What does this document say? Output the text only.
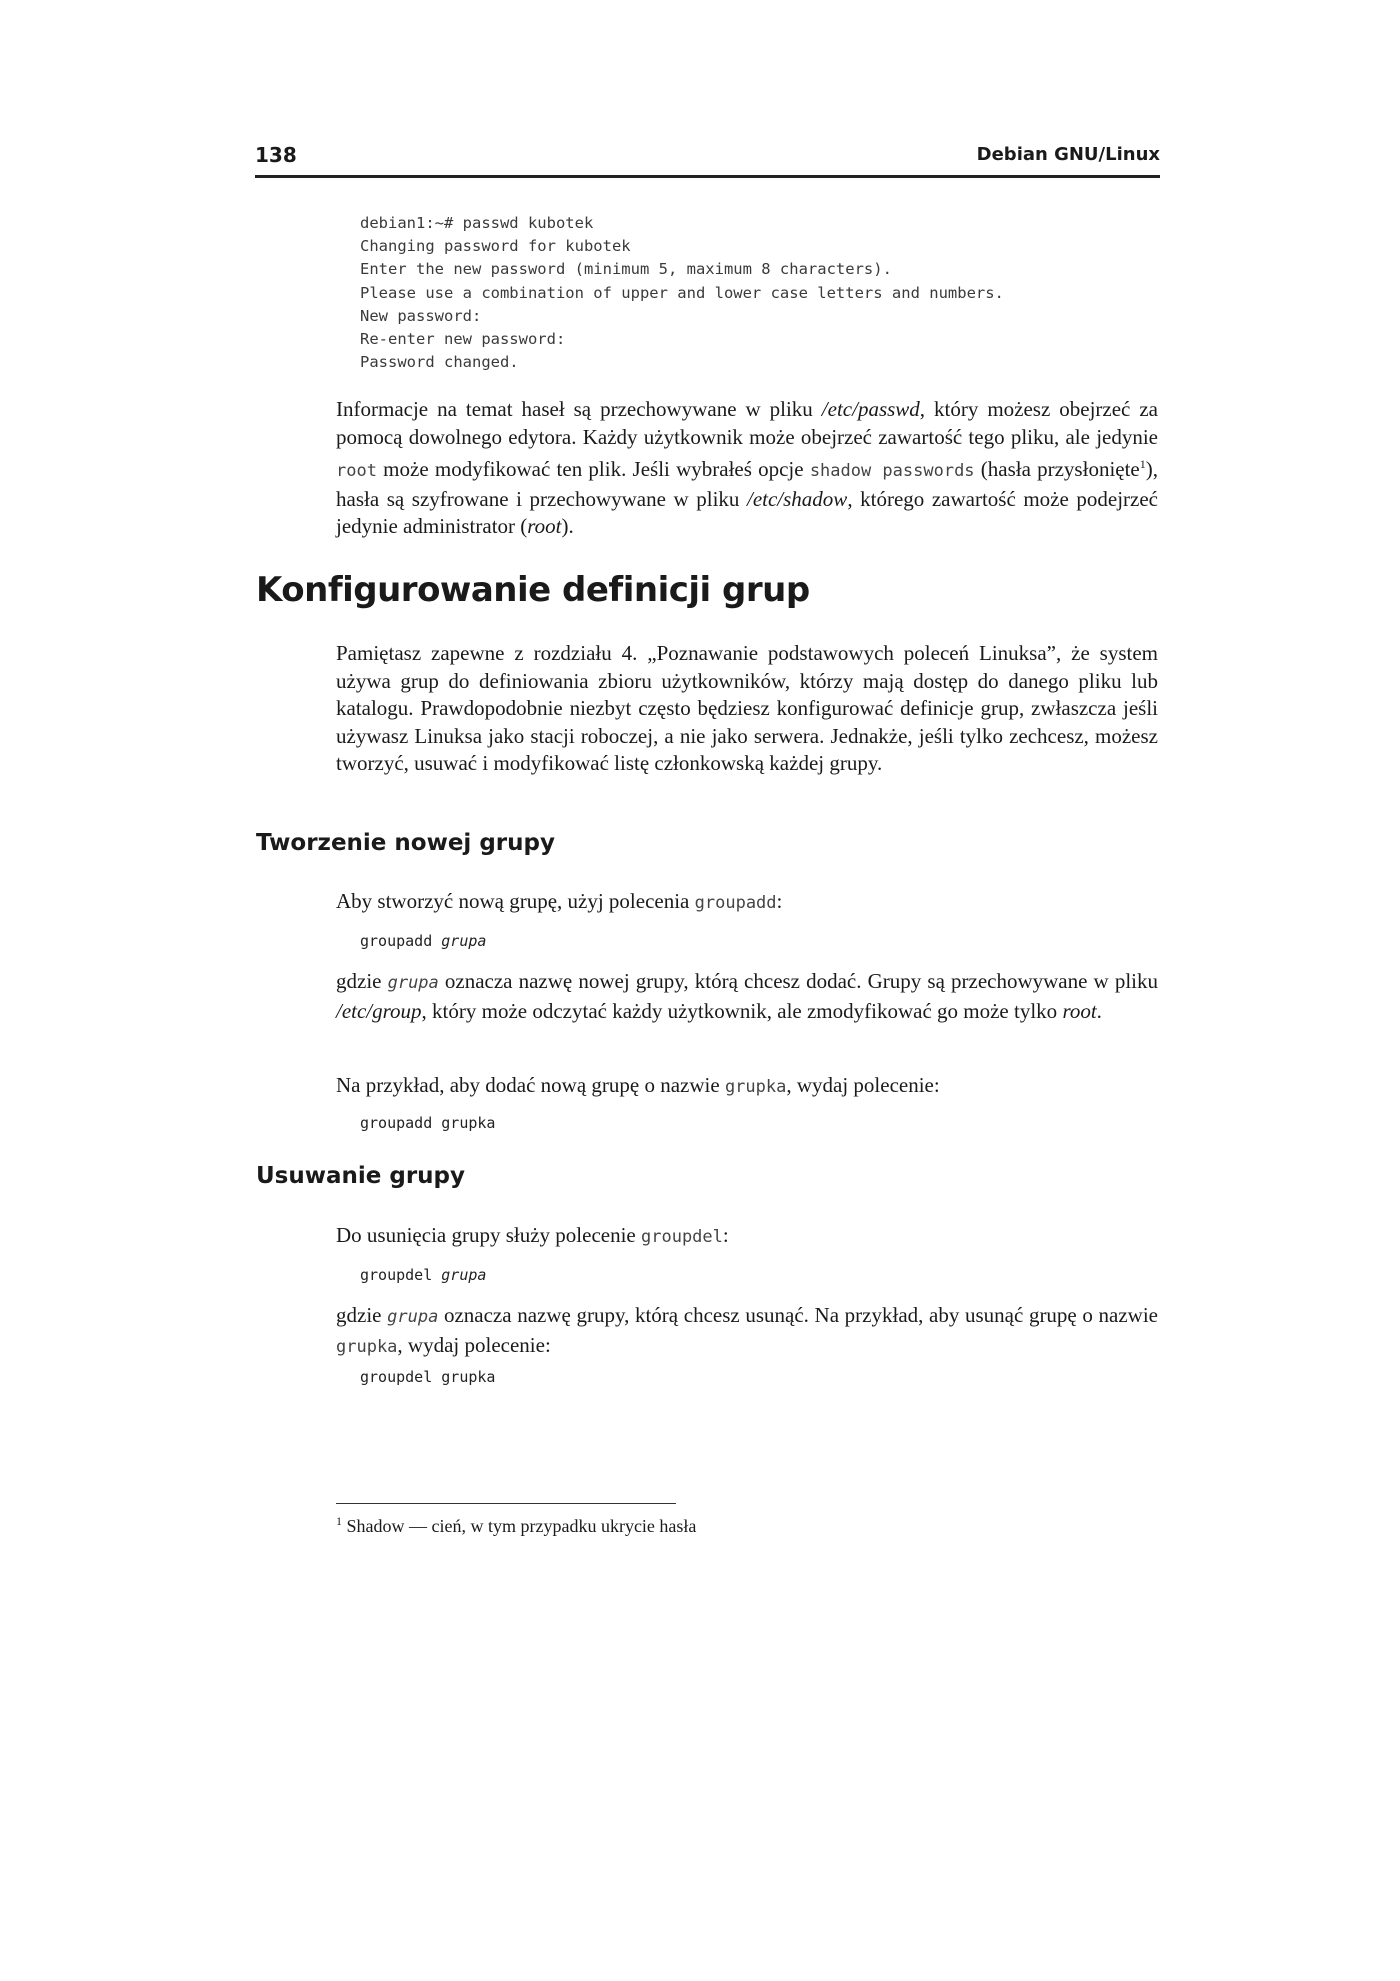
138	Debian GNU/Linux
debian1:~# passwd kubotek
Changing password for kubotek
Enter the new password (minimum 5, maximum 8 characters).
Please use a combination of upper and lower case letters and numbers.
New password:
Re-enter new password:
Password changed.

Informacje na temat haseł są przechowywane w pliku /etc/passwd, który możesz obejrzeć za pomocą dowolnego edytora. Każdy użytkownik może obejrzeć zawartość tego pliku, ale jedynie root może modyfikować ten plik. Jeśli wybrałeś opcje shadow passwords (hasła przysłonięte$^1$), hasła są szyfrowane i przechowywane w pliku /etc/shadow, którego zawartość może podejrzeć jedynie administrator (root).

Konfigurowanie definicji grup

Pamiętasz zapewne z rozdziału 4. „Poznawanie podstawowych poleceń Linuksa”, że system używa grup do definiowania zbioru użytkowników, którzy mają dostęp do danego pliku lub katalogu. Prawdopodobnie niezbyt często będziesz konfigurować definicje grup, zwłaszcza jeśli używasz Linuksa jako stacji roboczej, a nie jako serwera. Jednakże, jeśli tylko zechcesz, możesz tworzyć, usuwać i modyfikować listę członkowską każdej grupy.

Tworzenie nowej grupy

Aby stworzyć nową grupę, użyj polecenia groupadd:

groupadd grupa

gdzie grupa oznacza nazwę nowej grupy, którą chcesz dodać. Grupy są przechowywane w pliku /etc/group, który może odczytać każdy użytkownik, ale zmodyfikować go może tylko root.

Na przykład, aby dodać nową grupę o nazwie grupka, wydaj polecenie:

groupadd grupka
Usuwanie grupy

Do usunięcia grupy służy polecenie groupdel:

groupdel grupa

gdzie grupa oznacza nazwę grupy, którą chcesz usunąć. Na przykład, aby usunąć grupę o nazwie grupka, wydaj polecenie:

groupdel grupka

$^1$ Shadow — cień, w tym przypadku ukrycie hasła
